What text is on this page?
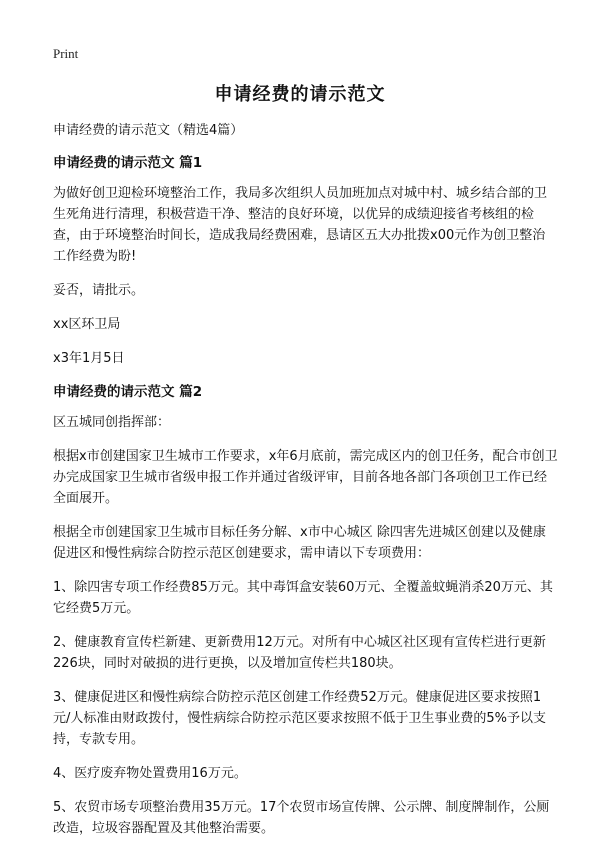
Print
申请经费的请示范文

申请经费的请示范文（精选4篇）

申请经费的请示范文 篇1

为做好创卫迎检环境整治工作，我局多次组织人员加班加点对城中村、城乡结合部的卫生死角进行清理，积极营造干净、整洁的良好环境，以优异的成绩迎接省考核组的检查，由于环境整治时间长，造成我局经费困难，恳请区五大办批拨x00元作为创卫整治工作经费为盼!

妥否，请批示。

xx区环卫局

x3年1月5日

申请经费的请示范文 篇2

区五城同创指挥部：

根据x市创建国家卫生城市工作要求，x年6月底前，需完成区内的创卫任务，配合市创卫办完成国家卫生城市省级申报工作并通过省级评审，目前各地各部门各项创卫工作已经全面展开。

根据全市创建国家卫生城市目标任务分解、x市中心城区 除四害先进城区创建以及健康促进区和慢性病综合防控示范区创建要求，需申请以下专项费用：

1、除四害专项工作经费85万元。其中毒饵盒安装60万元、全覆盖蚊蝇消杀20万元、其它经费5万元。

2、健康教育宣传栏新建、更新费用12万元。对所有中心城区社区现有宣传栏进行更新226块，同时对破损的进行更换，以及增加宣传栏共180块。

3、健康促进区和慢性病综合防控示范区创建工作经费52万元。健康促进区要求按照1元/人标准由财政拨付，慢性病综合防控示范区要求按照不低于卫生事业费的5%予以支持，专款专用。

4、医疗废弃物处置费用16万元。

5、农贸市场专项整治费用35万元。17个农贸市场宣传牌、公示牌、制度牌制作，公厕改造，垃圾容器配置及其他整治需要。
